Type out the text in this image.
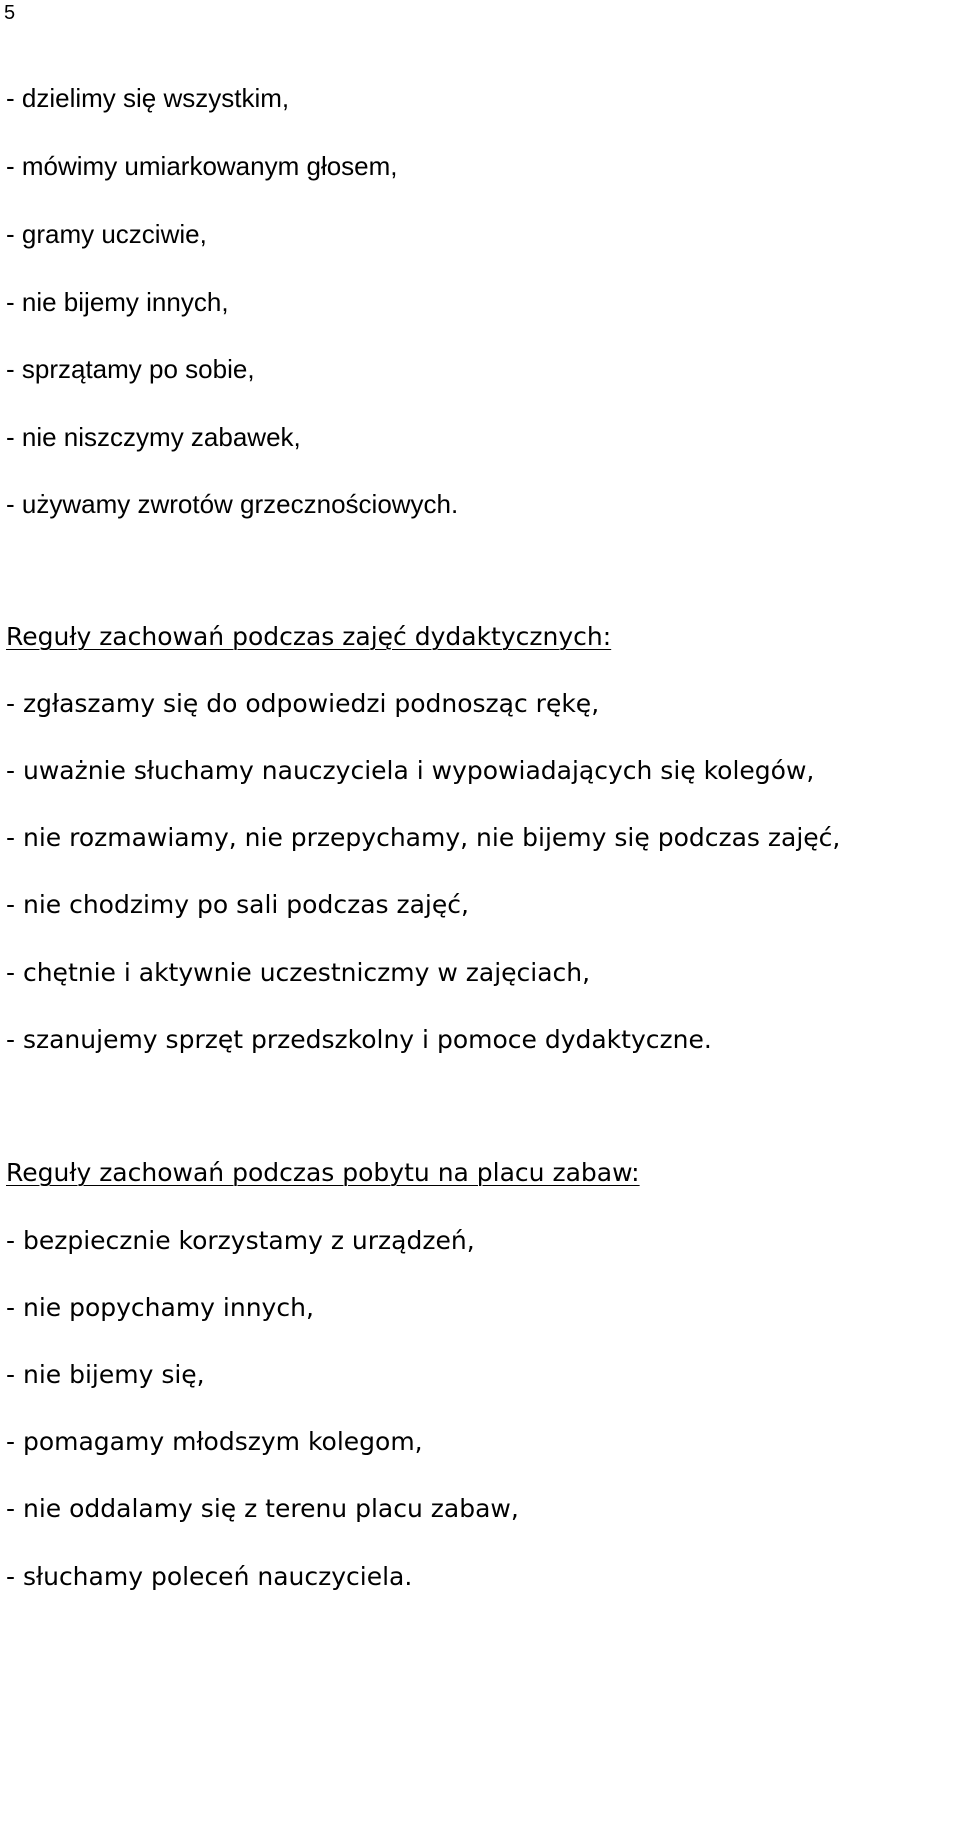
5
- dzielimy się wszystkim,
- mówimy umiarkowanym głosem,
- gramy uczciwie,
- nie bijemy innych,
- sprzątamy po sobie,
- nie niszczymy zabawek,
- używamy zwrotów grzecznościowych.
Reguły zachowań podczas zajęć dydaktycznych:
- zgłaszamy się do odpowiedzi podnosząc rękę,
- uważnie słuchamy nauczyciela i wypowiadających się kolegów,
- nie rozmawiamy, nie przepychamy, nie bijemy się podczas zajęć,
- nie chodzimy po sali podczas zajęć,
- chętnie i aktywnie uczestniczmy w zajęciach,
- szanujemy sprzęt przedszkolny i pomoce dydaktyczne.
Reguły zachowań podczas pobytu na placu zabaw:
- bezpiecznie korzystamy z urządzeń,
- nie popychamy innych,
- nie bijemy się,
- pomagamy młodszym kolegom,
- nie oddalamy się z terenu placu zabaw,
- słuchamy poleceń nauczyciela.
